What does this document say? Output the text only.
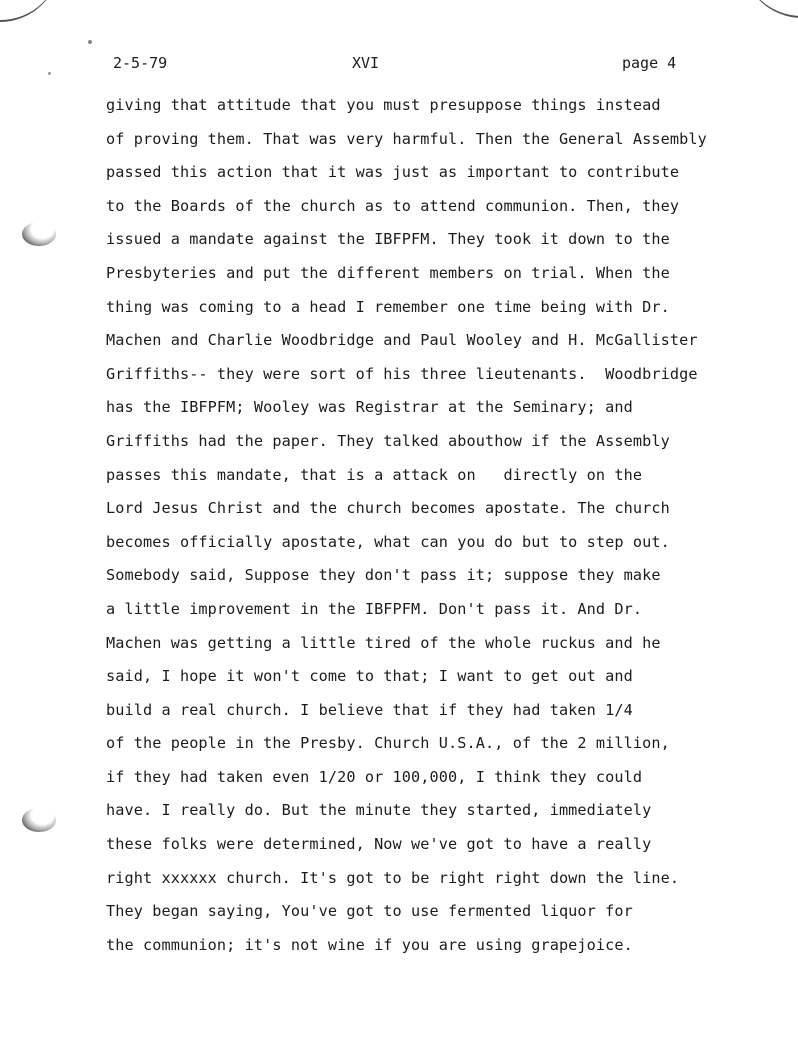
2-5-79	XVI	page 4
giving that attitude that you must presuppose things instead
of proving them. That was very harmful. Then the General Assembly
passed this action that it was just as important to contribute
to the Boards of the church as to attend communion. Then, they
issued a mandate against the IBFPFM. They took it down to the
Presbyteries and put the different members on trial. When the
thing was coming to a head I remember one time being with Dr.
Machen and Charlie Woodbridge and Paul Wooley and H. McGallister
Griffiths-- they were sort of his three lieutenants.  Woodbridge
has the IBFPFM; Wooley was Registrar at the Seminary; and
Griffiths had the paper. They talked abouthow if the Assembly
passes this mandate, that is a attack on   directly on the
Lord Jesus Christ and the church becomes apostate. The church
becomes officially apostate, what can you do but to step out.
Somebody said, Suppose they don't pass it; suppose they make
a little improvement in the IBFPFM. Don't pass it. And Dr.
Machen was getting a little tired of the whole ruckus and he
said, I hope it won't come to that; I want to get out and
build a real church. I believe that if they had taken 1/4
of the people in the Presby. Church U.S.A., of the 2 million,
if they had taken even 1/20 or 100,000, I think they could
have. I really do. But the minute they started, immediately
these folks were determined, Now we've got to have a really
right xxxxxx church. It's got to be right right down the line.
They began saying, You've got to use fermented liquor for
the communion; it's not wine if you are using grapejoice.
